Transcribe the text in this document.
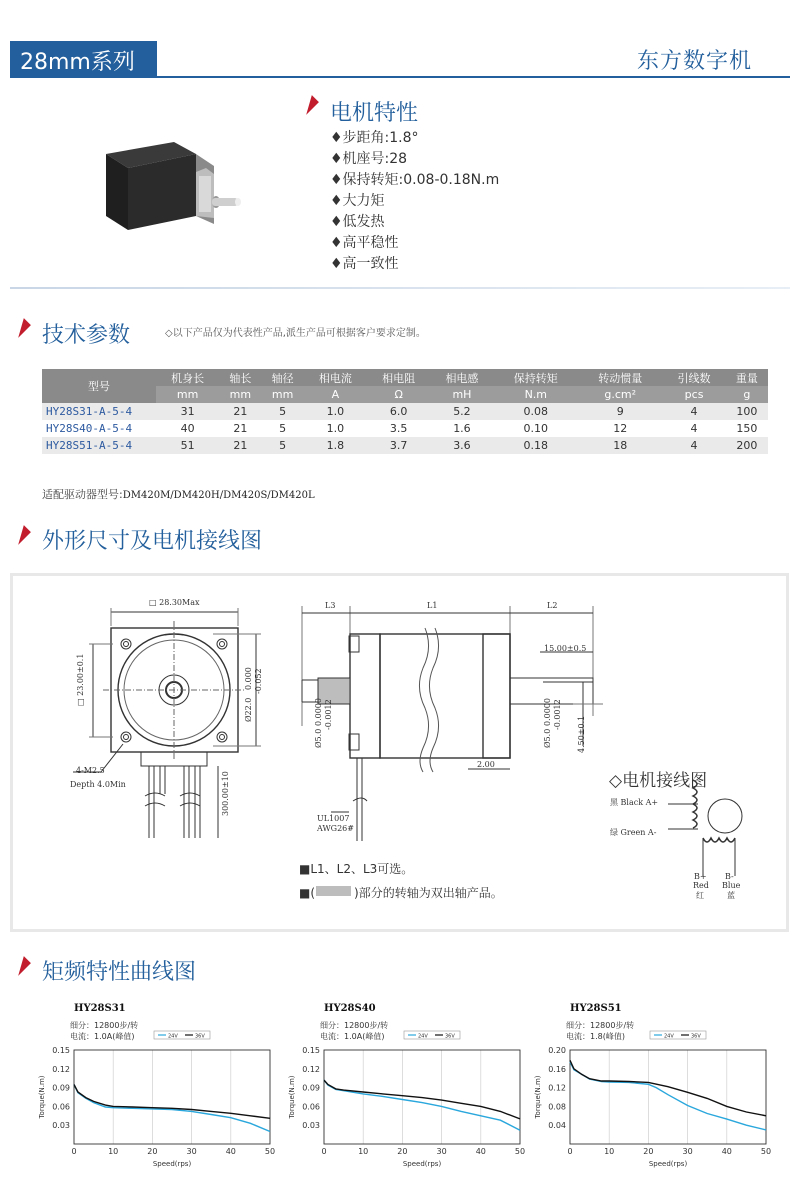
28mm系列	东方数字机
电机特性
♦步距角:1.8°
♦机座号:28
♦保持转矩:0.08-0.18N.m
♦大力矩
♦低发热
♦高平稳性
♦高一致性
技术参数	◇以下产品仅为代表性产品,派生产品可根据客户要求定制。
型号	机身长	轴长	轴径	相电流	相电阻	相电感	保持转矩	转动惯量	引线数	重量
	mm	mm	mm	A	Ω	mH	N.m	g.cm²	pcs	g
HY28S31-A-5-4	31	21	5	1.0	6.0	5.2	0.08	9	4	100
HY28S40-A-5-4	40	21	5	1.0	3.5	1.6	0.10	12	4	150
HY28S51-A-5-4	51	21	5	1.8	3.7	3.6	0.18	18	4	200
适配驱动器型号:DM420M/DM420H/DM420S/DM420L
外形尺寸及电机接线图
□ 28.30Max
□ 23.00±0.1
Ø22.0
0.000 -0.052
4-M2.5
Depth 4.0Min	300.00±10
L3	L1	L2
15.00±0.5
Ø5.0
0.0000 -0.0012
Ø5.0
0.0000 -0.0012
4.50±0.1
2.00
UL1007
AWG26#
■L1、L2、L3可选。
■(	)部分的转轴为双出轴产品。
◇电机接线图
黑 Black A+
绿 Green A-
B+
Red
红
B-
Blue
蓝
矩频特性曲线图
HY28S31
细分：12800步/转
电流：1.0A(峰值)	24V	36V
0	10	20	30	40	50
0.15
0.12
0.09
0.06
0.03
Speed(rps)
Torque(N.m)
HY28S40
细分：12800步/转
电流：1.0A(峰值)	24V	36V
0	10	20	30	40	50
0.15
0.12
0.09
0.06
0.03
Speed(rps)
Torque(N.m)
HY28S51
细分：12800步/转
电流：1.8(峰值)	24V	36V
0	10	20	30	40	50
0.20
0.16
0.12
0.08
0.04
Speed(rps)
Torque(N.m)
